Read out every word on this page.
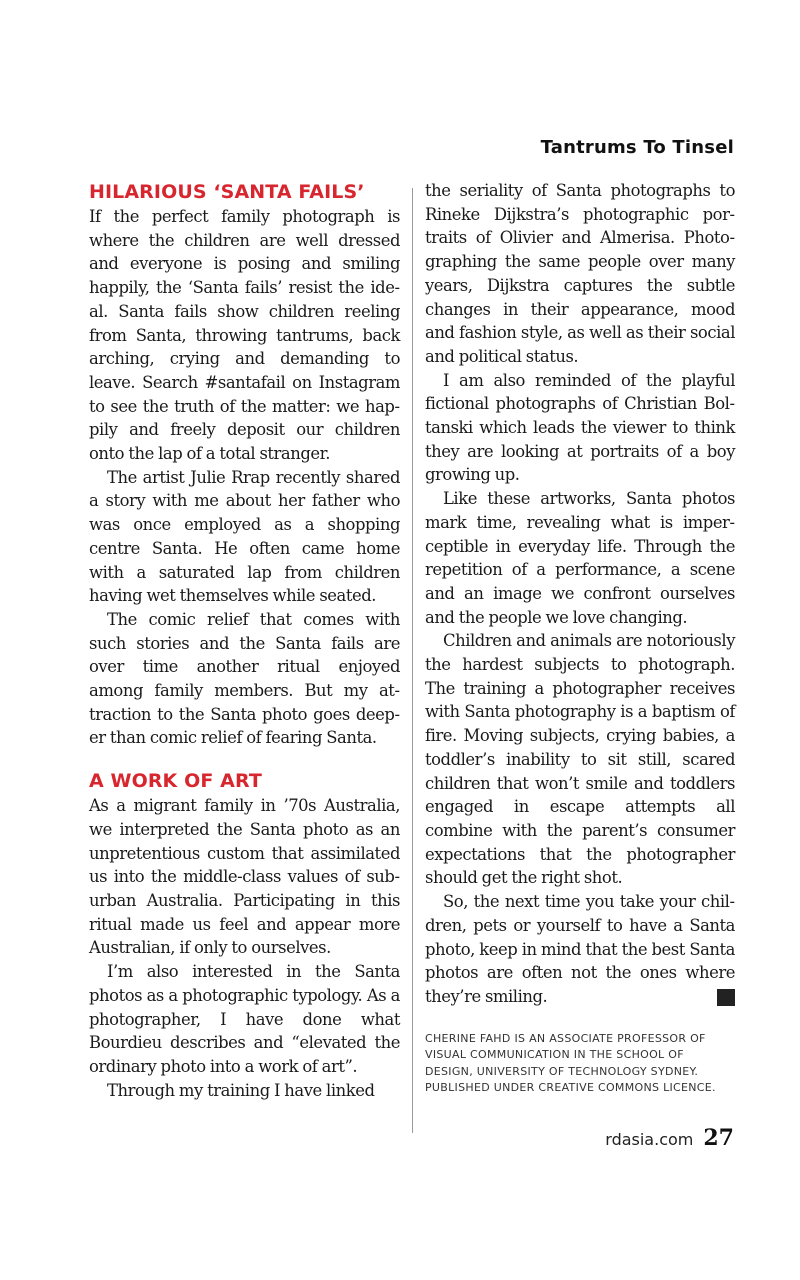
Tantrums To Tinsel
HILARIOUS ‘SANTA FAILS’

If the perfect family photograph is where the children are well dressed and everyone is posing and smiling happily, the ‘Santa fails’ resist the ideal. Santa fails show children reeling from Santa, throwing tantrums, back arching, crying and demanding to leave. Search #santafail on Instagram to see the truth of the matter: we happily and freely deposit our children onto the lap of a total stranger.

The artist Julie Rrap recently shared a story with me about her father who was once employed as a shopping centre Santa. He often came home with a saturated lap from children having wet themselves while seated.

The comic relief that comes with such stories and the Santa fails are over time another ritual enjoyed among family members. But my attraction to the Santa photo goes deeper than comic relief of fearing Santa.

A WORK OF ART

As a migrant family in ’70s Australia, we interpreted the Santa photo as an unpretentious custom that assimilated us into the middle-class values of suburban Australia. Participating in this ritual made us feel and appear more Australian, if only to ourselves.

I’m also interested in the Santa photos as a photographic typology. As a photographer, I have done what Bourdieu describes and “elevated the ordinary photo into a work of art”.

Through my training I have linked

the seriality of Santa photographs to Rineke Dijkstra’s photographic portraits of Olivier and Almerisa. Photographing the same people over many years, Dijkstra captures the subtle changes in their appearance, mood and fashion style, as well as their social and political status.

I am also reminded of the playful fictional photographs of Christian Boltanski which leads the viewer to think they are looking at portraits of a boy growing up.

Like these artworks, Santa photos mark time, revealing what is imperceptible in everyday life. Through the repetition of a performance, a scene and an image we confront ourselves and the people we love changing.

Children and animals are notoriously the hardest subjects to photograph. The training a photographer receives with Santa photography is a baptism of fire. Moving subjects, crying babies, a toddler’s inability to sit still, scared children that won’t smile and toddlers engaged in escape attempts all combine with the parent’s consumer expectations that the photographer should get the right shot.

So, the next time you take your children, pets or yourself to have a Santa photo, keep in mind that the best Santa photos are often not the ones where they’re smiling.	R

CHERINE FAHD IS AN ASSOCIATE PROFESSOR OF VISUAL COMMUNICATION IN THE SCHOOL OF DESIGN, UNIVERSITY OF TECHNOLOGY SYDNEY. PUBLISHED UNDER CREATIVE COMMONS LICENCE.
rdasia.com 27
